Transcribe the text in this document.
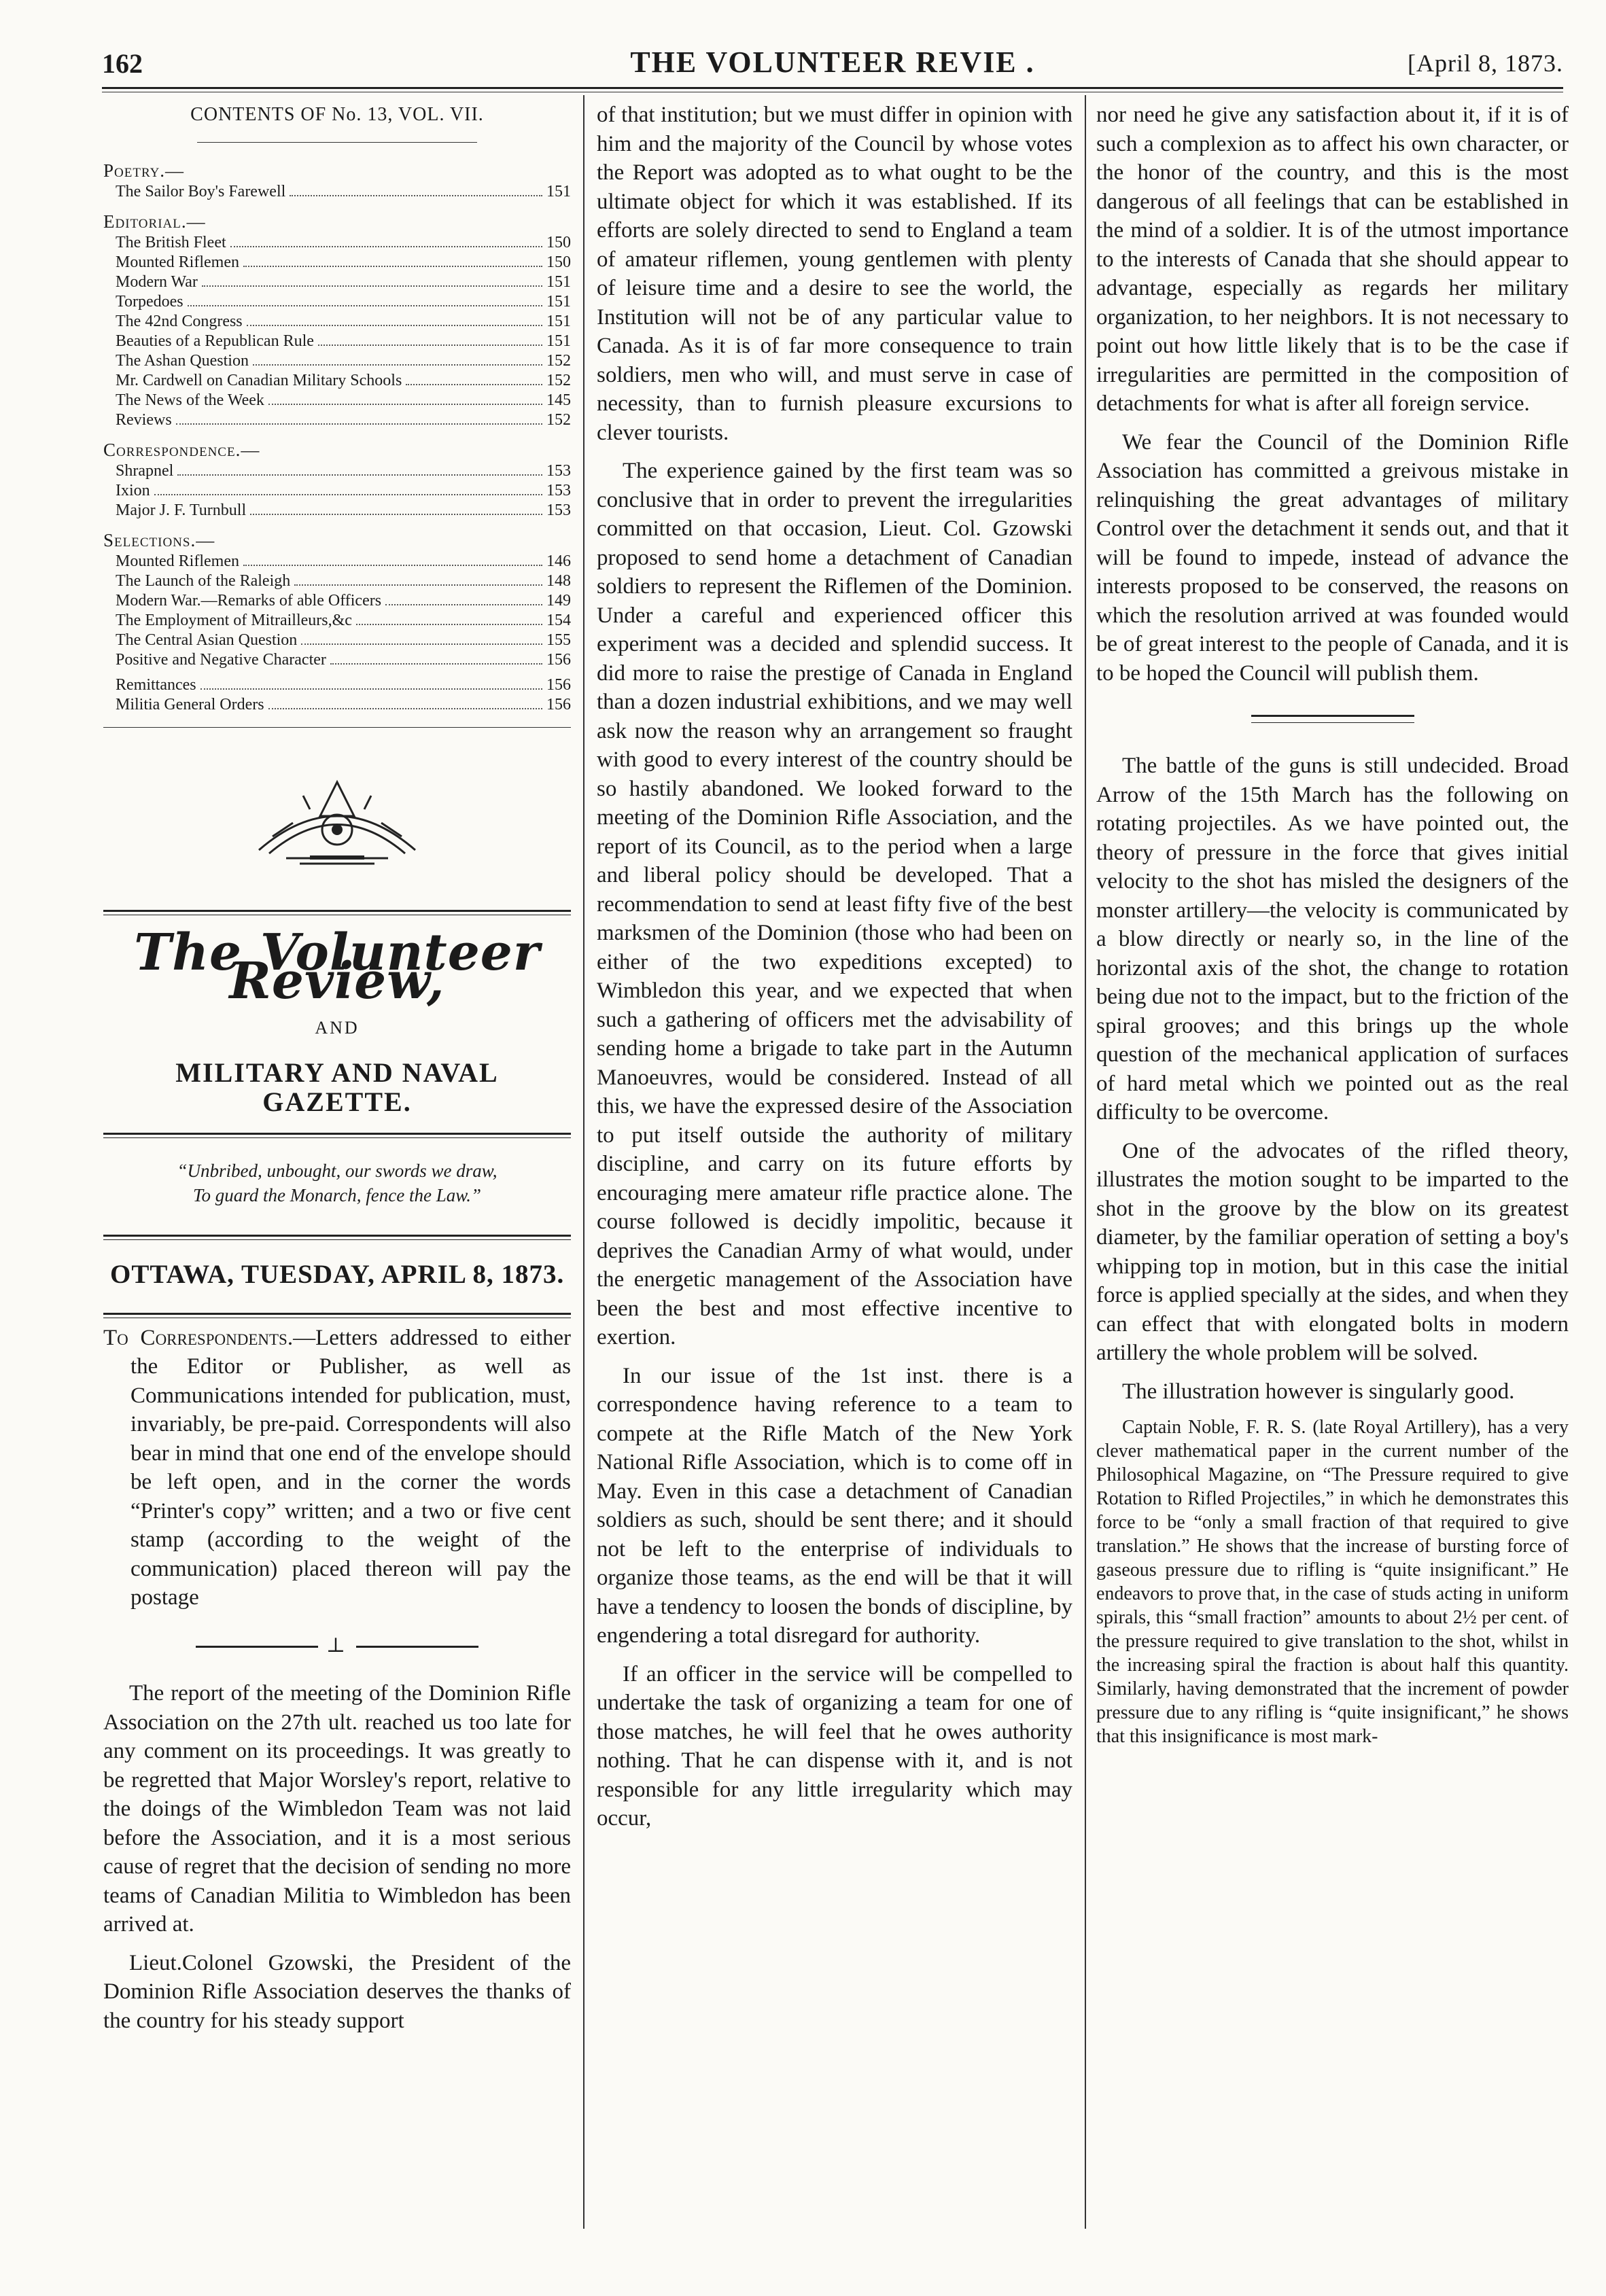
162	THE VOLUNTEER REVIE .	[April 8, 1873.
CONTENTS OF No. 13, VOL. VII.
Poetry.—
The Sailor Boy's Farewell	151
Editorial.—
The British Fleet	150
Mounted Riflemen	150
Modern War	151
Torpedoes	151
The 42nd Congress	151
Beauties of a Republican Rule	151
The Ashan Question	152
Mr. Cardwell on Canadian Military Schools	152
The News of the Week	145
Reviews	152
Correspondence.—
Shrapnel	153
Ixion	153
Major J. F. Turnbull	153
Selections.—
Mounted Riflemen	146
The Launch of the Raleigh	148
Modern War.—Remarks of able Officers	149
The Employment of Mitrailleurs,&c	154
The Central Asian Question	155
Positive and Negative Character	156
Remittances	156
Militia General Orders	156
The Volunteer Review,
AND
MILITARY AND NAVAL GAZETTE.
“Unbribed, unbought, our swords we draw,
To guard the Monarch, fence the Law.”
OTTAWA, TUESDAY, APRIL 8, 1873.

To Correspondents.—Letters addressed to either the Editor or Publisher, as well as Communications intended for publication, must, invariably, be pre-paid. Correspondents will also bear in mind that one end of the envelope should be left open, and in the corner the words “Printer's copy” written; and a two or five cent stamp (according to the weight of the communication) placed thereon will pay the postage

⊥

The report of the meeting of the Dominion Rifle Association on the 27th ult. reached us too late for any comment on its proceedings. It was greatly to be regretted that Major Worsley's report, relative to the doings of the Wimbledon Team was not laid before the Association, and it is a most serious cause of regret that the decision of sending no more teams of Canadian Militia to Wimbledon has been arrived at.

Lieut.Colonel Gzowski, the President of the Dominion Rifle Association deserves the thanks of the country for his steady support

of that institution; but we must differ in opinion with him and the majority of the Council by whose votes the Report was adopted as to what ought to be the ultimate object for which it was established. If its efforts are solely directed to send to England a team of amateur riflemen, young gentlemen with plenty of leisure time and a desire to see the world, the Institution will not be of any particular value to Canada. As it is of far more consequence to train soldiers, men who will, and must serve in case of necessity, than to furnish pleasure excursions to clever tourists.

The experience gained by the first team was so conclusive that in order to prevent the irregularities committed on that occasion, Lieut. Col. Gzowski proposed to send home a detachment of Canadian soldiers to represent the Riflemen of the Dominion. Under a careful and experienced officer this experiment was a decided and splendid success. It did more to raise the prestige of Canada in England than a dozen industrial exhibitions, and we may well ask now the reason why an arrangement so fraught with good to every interest of the country should be so hastily abandoned. We looked forward to the meeting of the Dominion Rifle Association, and the report of its Council, as to the period when a large and liberal policy should be developed. That a recommendation to send at least fifty five of the best marksmen of the Dominion (those who had been on either of the two expeditions excepted) to Wimbledon this year, and we expected that when such a gathering of officers met the advisability of sending home a brigade to take part in the Autumn Manoeuvres, would be considered. Instead of all this, we have the expressed desire of the Association to put itself outside the authority of military discipline, and carry on its future efforts by encouraging mere amateur rifle practice alone. The course followed is decidly impolitic, because it deprives the Canadian Army of what would, under the energetic management of the Association have been the best and most effective incentive to exertion.

In our issue of the 1st inst. there is a correspondence having reference to a team to compete at the Rifle Match of the New York National Rifle Association, which is to come off in May. Even in this case a detachment of Canadian soldiers as such, should be sent there; and it should not be left to the enterprise of individuals to organize those teams, as the end will be that it will have a tendency to loosen the bonds of discipline, by engendering a total disregard for authority.

If an officer in the service will be compelled to undertake the task of organizing a team for one of those matches, he will feel that he owes authority nothing. That he can dispense with it, and is not responsible for any little irregularity which may occur,

nor need he give any satisfaction about it, if it is of such a complexion as to affect his own character, or the honor of the country, and this is the most dangerous of all feelings that can be established in the mind of a soldier. It is of the utmost importance to the interests of Canada that she should appear to advantage, especially as regards her military organization, to her neighbors. It is not necessary to point out how little likely that is to be the case if irregularities are permitted in the composition of detachments for what is after all foreign service.

We fear the Council of the Dominion Rifle Association has committed a greivous mistake in relinquishing the great advantages of military Control over the detachment it sends out, and that it will be found to impede, instead of advance the interests proposed to be conserved, the reasons on which the resolution arrived at was founded would be of great interest to the people of Canada, and it is to be hoped the Council will publish them.

The battle of the guns is still undecided. Broad Arrow of the 15th March has the following on rotating projectiles. As we have pointed out, the theory of pressure in the force that gives initial velocity to the shot has misled the designers of the monster artillery—the velocity is communicated by a blow directly or nearly so, in the line of the horizontal axis of the shot, the change to rotation being due not to the impact, but to the friction of the spiral grooves; and this brings up the whole question of the mechanical application of surfaces of hard metal which we pointed out as the real difficulty to be overcome.

One of the advocates of the rifled theory, illustrates the motion sought to be imparted to the shot in the groove by the blow on its greatest diameter, by the familiar operation of setting a boy's whipping top in motion, but in this case the initial force is applied specially at the sides, and when they can effect that with elongated bolts in modern artillery the whole problem will be solved.

The illustration however is singularly good.

Captain Noble, F. R. S. (late Royal Artillery), has a very clever mathematical paper in the current number of the Philosophical Magazine, on “The Pressure required to give Rotation to Rifled Projectiles,” in which he demonstrates this force to be “only a small fraction of that required to give translation.” He shows that the increase of bursting force of gaseous pressure due to rifling is “quite insignificant.” He endeavors to prove that, in the case of studs acting in uniform spirals, this “small fraction” amounts to about 2½ per cent. of the pressure required to give translation to the shot, whilst in the increasing spiral the fraction is about half this quantity. Similarly, having demonstrated that the increment of powder pressure due to any rifling is “quite insignificant,” he shows that this insignificance is most mark-
